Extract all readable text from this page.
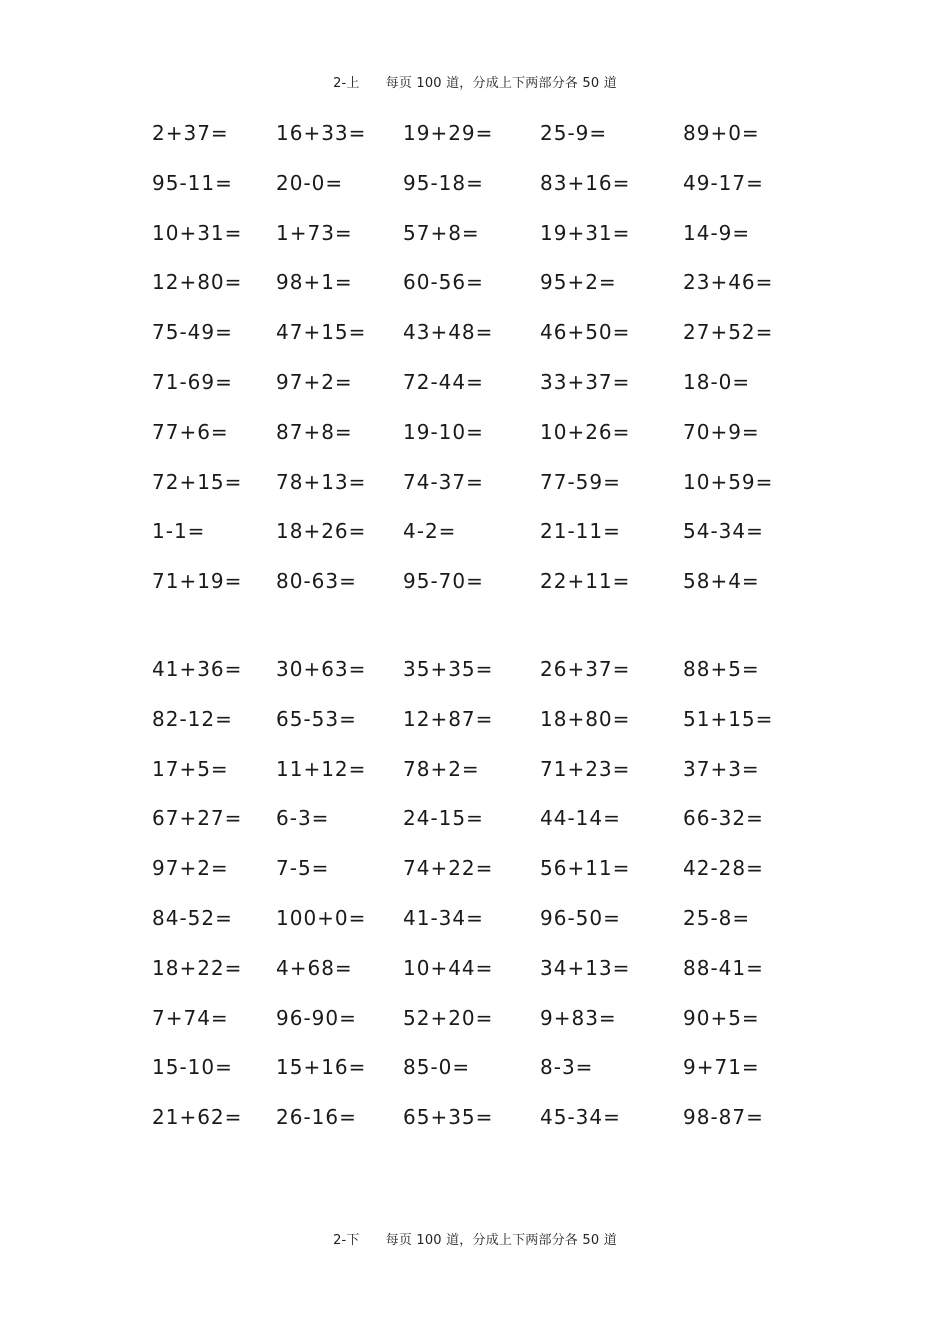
2-上 每页 100 道，分成上下两部分各 50 道
2+37= 16+33= 19+29= 25-9=	89+0=
95-11= 20-0=	95-18=	83+16=	49-17=
10+31= 1+73=	57+8=	19+31=	14-9=
12+80= 98+1=	60-56=	95+2=	23+46=
75-49= 47+15= 43+48= 46+50=	27+52=
71-69= 97+2=	72-44=	33+37=	18-0=
77+6= 87+8=	19-10=	10+26=	70+9=
72+15= 78+13= 74-37=	77-59=	10+59=
1-1=	18+26= 4-2=	21-11=	54-34=
71+19= 80-63= 95-70=	22+11=	58+4=
41+36= 30+63= 35+35= 26+37=	88+5=
82-12= 65-53= 12+87= 18+80=	51+15=
17+5= 11+12= 78+2=	71+23=	37+3=
67+27= 6-3=	24-15=	44-14=	66-32=
97+2= 7-5=	74+22= 56+11=	42-28=
84-52= 100+0= 41-34=	96-50=	25-8=
18+22= 4+68=	10+44= 34+13=	88-41=
7+74= 96-90= 52+20= 9+83=	90+5=
15-10= 15+16= 85-0=	8-3=	9+71=
21+62= 26-16= 65+35= 45-34=	98-87=
2-下 每页 100 道，分成上下两部分各 50 道
